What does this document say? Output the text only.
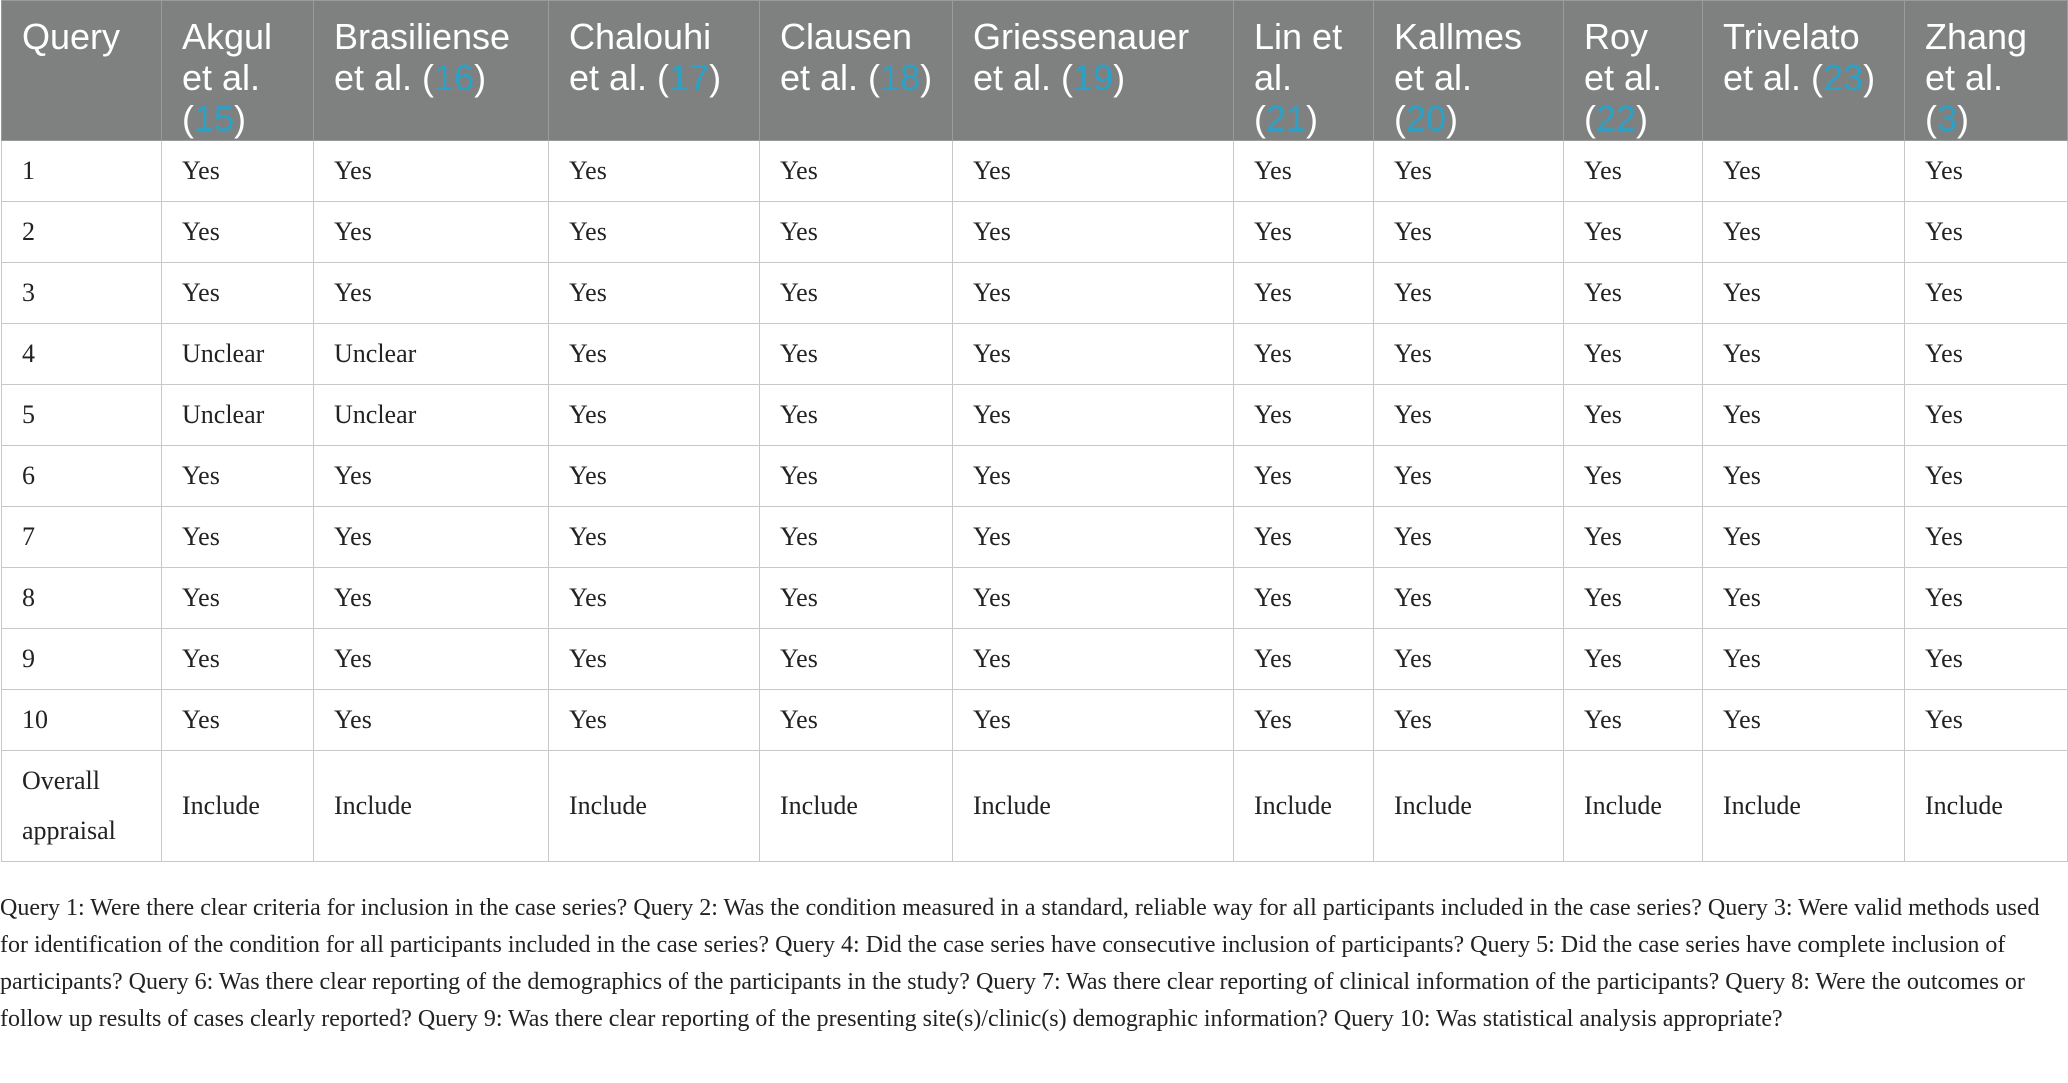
Query	Akgul et al. (15)	Brasiliense et al. (16)	Chalouhi et al. (17)	Clausen et al. (18)	Griessenauer et al. (19)	Lin et al. (21)	Kallmes et al. (20)	Roy et al. (22)	Trivelato et al. (23)	Zhang et al. (3)
1	Yes	Yes	Yes	Yes	Yes	Yes	Yes	Yes	Yes	Yes
2	Yes	Yes	Yes	Yes	Yes	Yes	Yes	Yes	Yes	Yes
3	Yes	Yes	Yes	Yes	Yes	Yes	Yes	Yes	Yes	Yes
4	Unclear	Unclear	Yes	Yes	Yes	Yes	Yes	Yes	Yes	Yes
5	Unclear	Unclear	Yes	Yes	Yes	Yes	Yes	Yes	Yes	Yes
6	Yes	Yes	Yes	Yes	Yes	Yes	Yes	Yes	Yes	Yes
7	Yes	Yes	Yes	Yes	Yes	Yes	Yes	Yes	Yes	Yes
8	Yes	Yes	Yes	Yes	Yes	Yes	Yes	Yes	Yes	Yes
9	Yes	Yes	Yes	Yes	Yes	Yes	Yes	Yes	Yes	Yes
10	Yes	Yes	Yes	Yes	Yes	Yes	Yes	Yes	Yes	Yes
Overall appraisal	Include	Include	Include	Include	Include	Include	Include	Include	Include	Include
Query 1: Were there clear criteria for inclusion in the case series? Query 2: Was the condition measured in a standard, reliable way for all participants included in the case series? Query 3: Were valid methods used for identification of the condition for all participants included in the case series? Query 4: Did the case series have consecutive inclusion of participants? Query 5: Did the case series have complete inclusion of participants? Query 6: Was there clear reporting of the demographics of the participants in the study? Query 7: Was there clear reporting of clinical information of the participants? Query 8: Were the outcomes or follow up results of cases clearly reported? Query 9: Was there clear reporting of the presenting site(s)/clinic(s) demographic information? Query 10: Was statistical analysis appropriate?
